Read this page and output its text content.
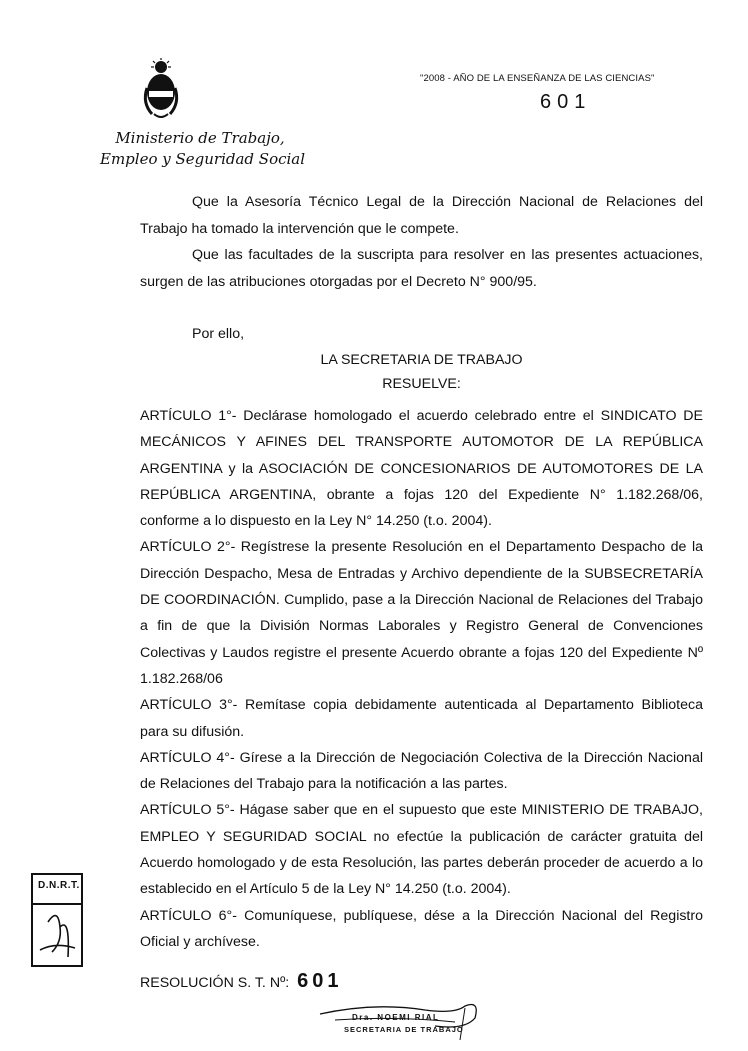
Ministerio de Trabajo,
Empleo y Seguridad Social
"2008 - AÑO DE LA ENSEÑANZA DE LAS CIENCIAS"
601

Que la Asesoría Técnico Legal de la Dirección Nacional de Relaciones del Trabajo ha tomado la intervención que le compete.

Que las facultades de la suscripta para resolver en las presentes actuaciones, surgen de las atribuciones otorgadas por el Decreto N° 900/95.

Por ello,
LA SECRETARIA DE TRABAJO
RESUELVE:

ARTÍCULO 1°- Declárase homologado el acuerdo celebrado entre el SINDICATO DE MECÁNICOS Y AFINES DEL TRANSPORTE AUTOMOTOR DE LA REPÚBLICA ARGENTINA y la ASOCIACIÓN DE CONCESIONARIOS DE AUTOMOTORES DE LA REPÚBLICA ARGENTINA, obrante a fojas 120 del Expediente N° 1.182.268/06, conforme a lo dispuesto en la Ley N° 14.250 (t.o. 2004).

ARTÍCULO 2°- Regístrese la presente Resolución en el Departamento Despacho de la Dirección Despacho, Mesa de Entradas y Archivo dependiente de la SUBSECRETARÍA DE COORDINACIÓN. Cumplido, pase a la Dirección Nacional de Relaciones del Trabajo a fin de que la División Normas Laborales y Registro General de Convenciones Colectivas y Laudos registre el presente Acuerdo obrante a fojas 120 del Expediente Nº 1.182.268/06

ARTÍCULO 3°- Remítase copia debidamente autenticada al Departamento Biblioteca para su difusión.

ARTÍCULO 4°- Gírese a la Dirección de Negociación Colectiva de la Dirección Nacional de Relaciones del Trabajo para la notificación a las partes.

ARTÍCULO 5°- Hágase saber que en el supuesto que este MINISTERIO DE TRABAJO, EMPLEO Y SEGURIDAD SOCIAL no efectúe la publicación de carácter gratuita del Acuerdo homologado y de esta Resolución, las partes deberán proceder de acuerdo a lo establecido en el Artículo 5 de la Ley N° 14.250 (t.o. 2004).

ARTÍCULO 6°- Comuníquese, publíquese, dése a la Dirección Nacional del Registro Oficial y archívese.

D.N.R.T.
RESOLUCIÓN S. T. Nº: 601
Dra. NOEMI RIAL
SECRETARIA DE TRABAJO
